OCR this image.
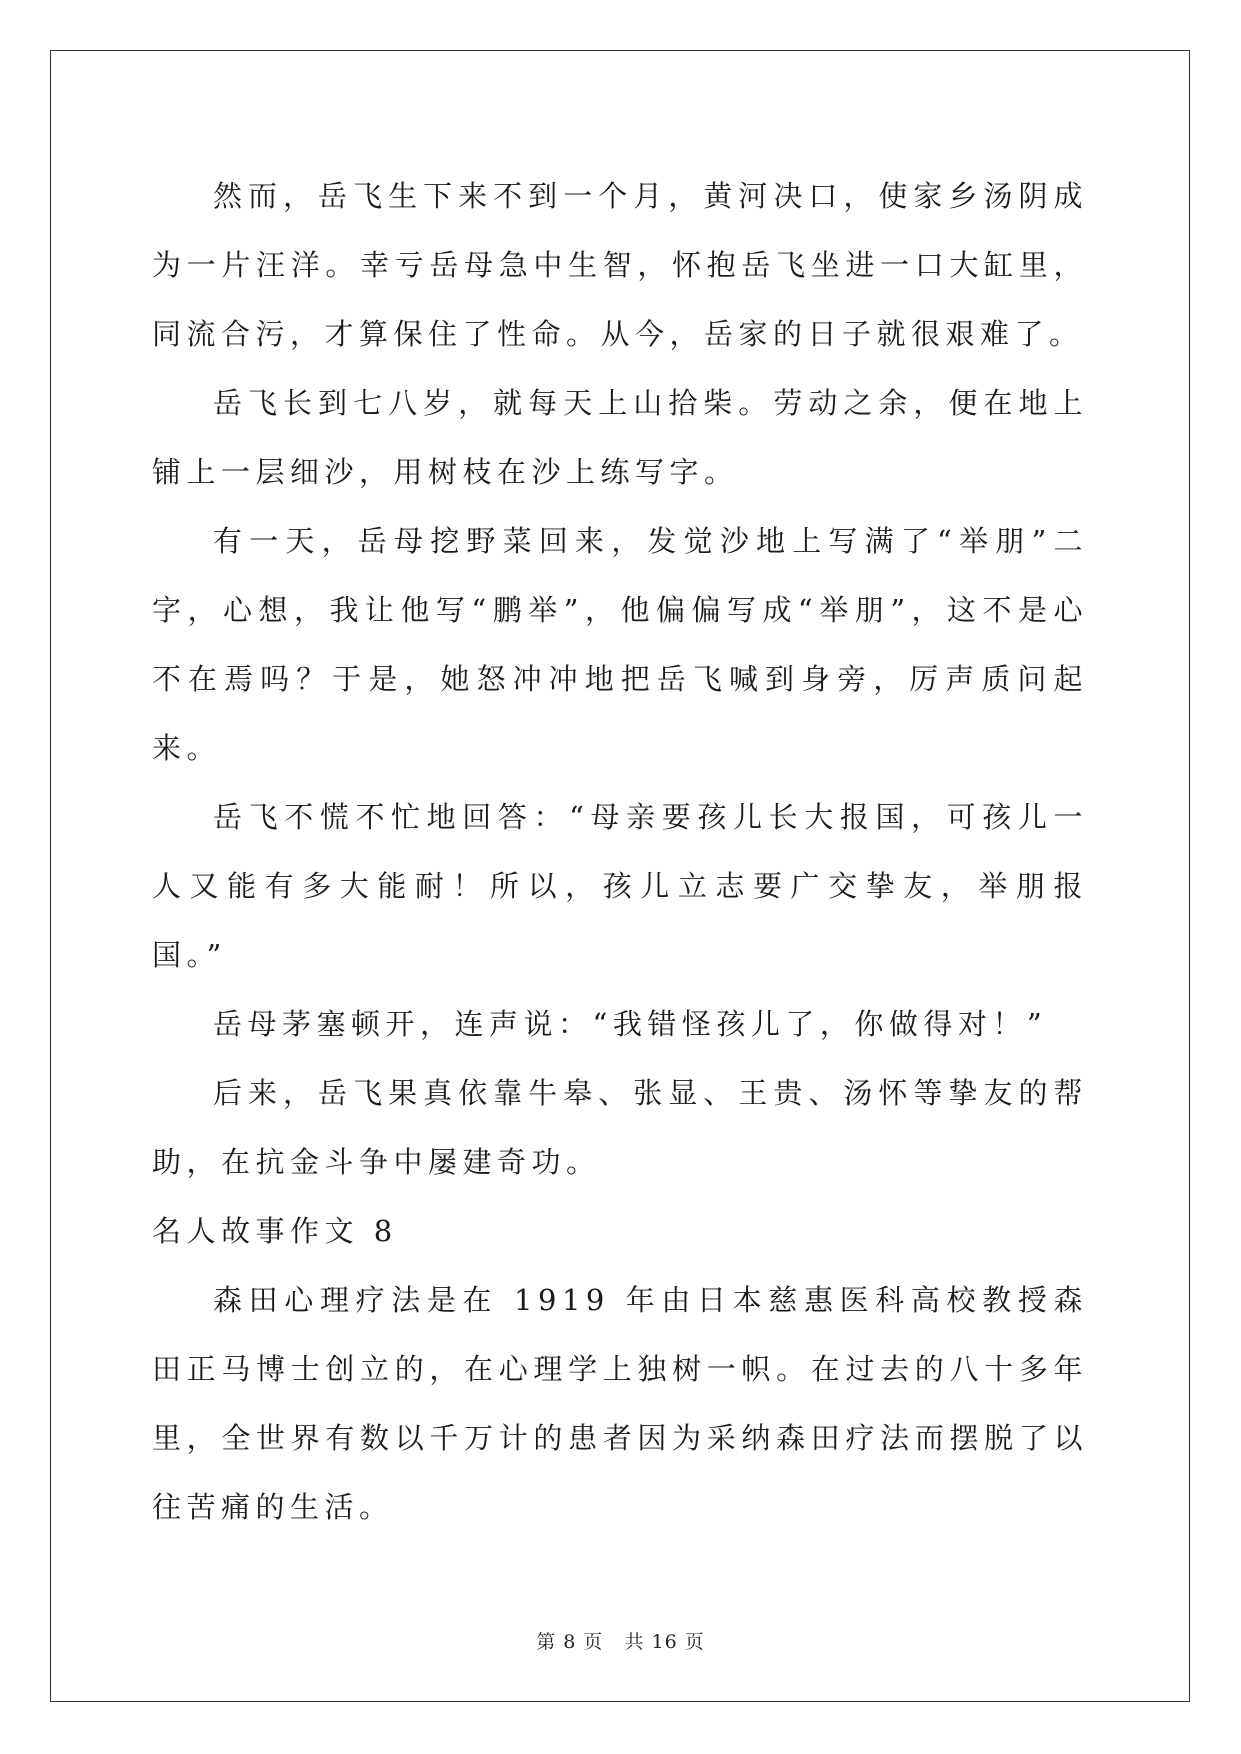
然而，岳飞生下来不到一个月，黄河决口，使家乡汤阴成为一片汪洋。幸亏岳母急中生智，怀抱岳飞坐进一口大缸里，同流合污，才算保住了性命。从今，岳家的日子就很艰难了。

岳飞长到七八岁，就每天上山拾柴。劳动之余，便在地上铺上一层细沙，用树枝在沙上练写字。

有一天，岳母挖野菜回来，发觉沙地上写满了“举朋”二字，心想，我让他写“鹏举”，他偏偏写成“举朋”，这不是心不在焉吗？于是，她怒冲冲地把岳飞喊到身旁，厉声质问起来。

岳飞不慌不忙地回答：“母亲要孩儿长大报国，可孩儿一人又能有多大能耐！所以，孩儿立志要广交挚友，举朋报国。”

岳母茅塞顿开，连声说：“我错怪孩儿了，你做得对！”

后来，岳飞果真依靠牛皋、张显、王贵、汤怀等挚友的帮助，在抗金斗争中屡建奇功。

名人故事作文 8

森田心理疗法是在 1919 年由日本慈惠医科高校教授森田正马博士创立的，在心理学上独树一帜。在过去的八十多年里，全世界有数以千万计的患者因为采纳森田疗法而摆脱了以往苦痛的生活。

第 8 页 共 16 页
